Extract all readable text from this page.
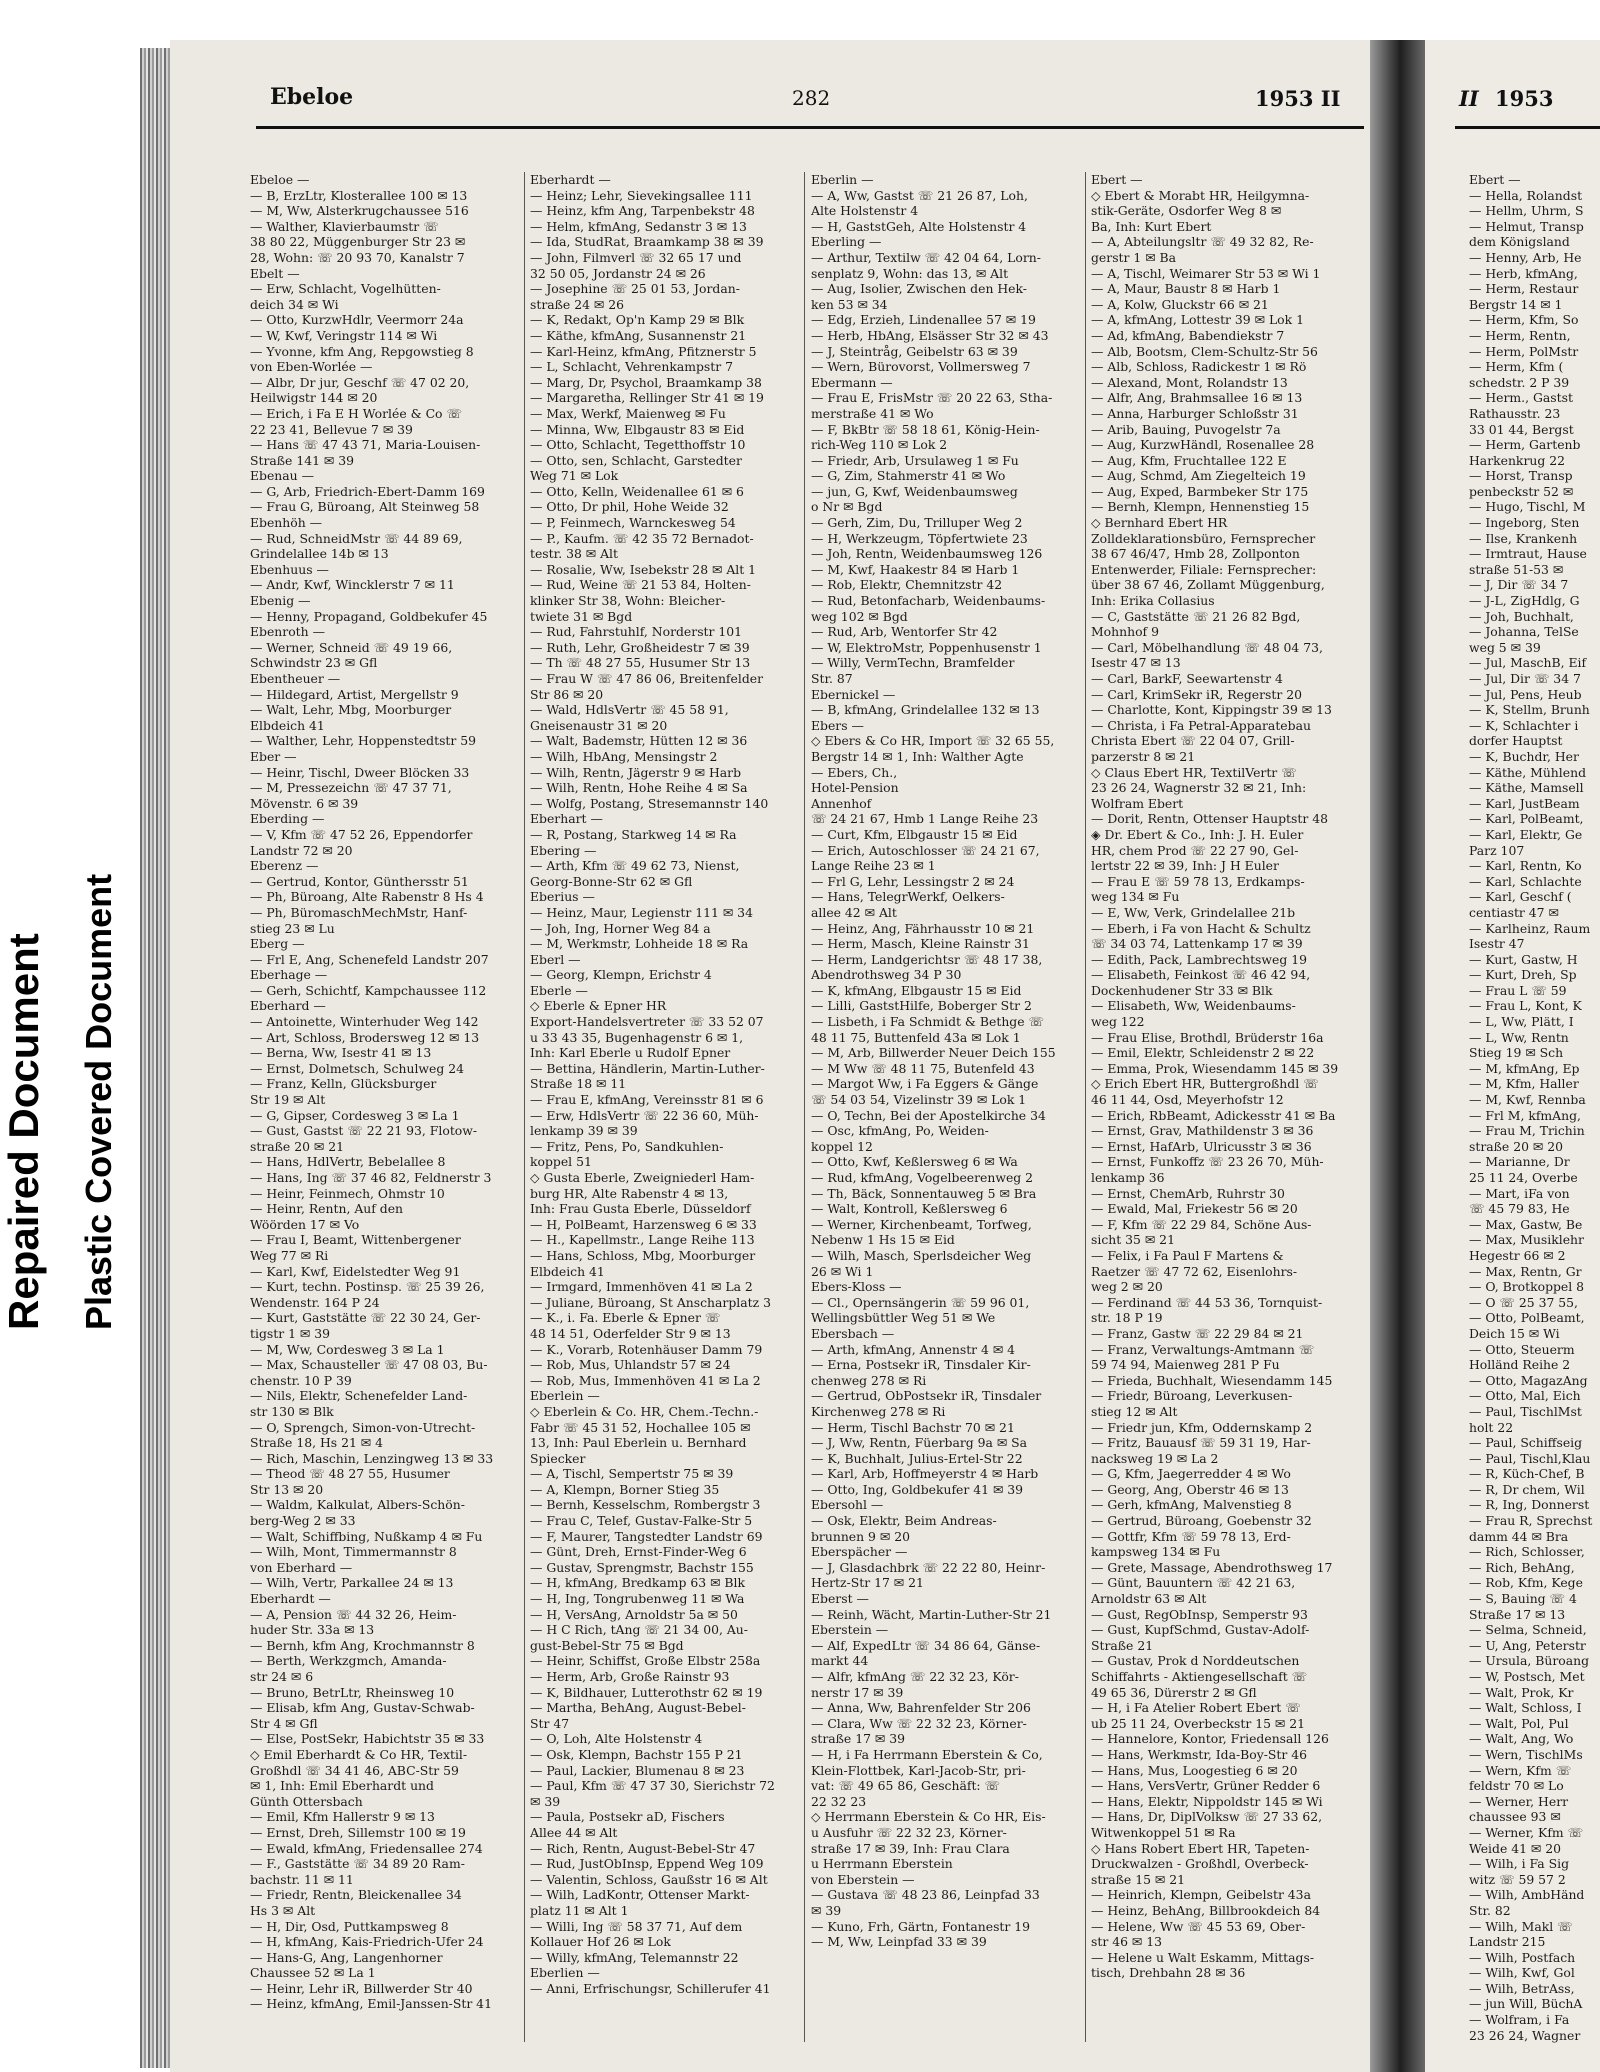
Repaired Document Plastic Covered Document
Ebeloe	282	1953 II
Ebeloe —
— B, ErzLtr, Klosterallee 100 ✉ 13
— M, Ww, Alsterkrugchaussee 516
— Walther, Klavierbaumstr ☏
38 80 22, Müggenburger Str 23 ✉
28, Wohn: ☏ 20 93 70, Kanalstr 7
Ebelt —
— Erw, Schlacht, Vogelhütten-
deich 34 ✉ Wi
— Otto, KurzwHdlr, Veermorr 24a
— W, Kwf, Veringstr 114 ✉ Wi
— Yvonne, kfm Ang, Repgowstieg 8
von Eben-Worlée —
— Albr, Dr jur, Geschf ☏ 47 02 20,
Heilwigstr 144 ✉ 20
— Erich, i Fa E H Worlée & Co ☏
22 23 41, Bellevue 7 ✉ 39
— Hans ☏ 47 43 71, Maria-Louisen-
Straße 141 ✉ 39
Ebenau —
— G, Arb, Friedrich-Ebert-Damm 169
— Frau G, Büroang, Alt Steinweg 58
Ebenhöh —
— Rud, SchneidMstr ☏ 44 89 69,
Grindelallee 14b ✉ 13
Ebenhuus —
— Andr, Kwf, Wincklerstr 7 ✉ 11
Ebenig —
— Henny, Propagand, Goldbekufer 45
Ebenroth —
— Werner, Schneid ☏ 49 19 66,
Schwindstr 23 ✉ Gfl
Ebentheuer —
— Hildegard, Artist, Mergellstr 9
— Walt, Lehr, Mbg, Moorburger
Elbdeich 41
— Walther, Lehr, Hoppenstedtstr 59
Eber —
— Heinr, Tischl, Dweer Blöcken 33
— M, Pressezeichn ☏ 47 37 71,
Mövenstr. 6 ✉ 39
Eberding —
— V, Kfm ☏ 47 52 26, Eppendorfer
Landstr 72 ✉ 20
Eberenz —
— Gertrud, Kontor, Günthersstr 51
— Ph, Büroang, Alte Rabenstr 8 Hs 4
— Ph, BüromaschMechMstr, Hanf-
stieg 23 ✉ Lu
Eberg —
— Frl E, Ang, Schenefeld Landstr 207
Eberhage —
— Gerh, Schichtf, Kampchaussee 112
Eberhard —
— Antoinette, Winterhuder Weg 142
— Art, Schloss, Brodersweg 12 ✉ 13
— Berna, Ww, Isestr 41 ✉ 13
— Ernst, Dolmetsch, Schulweg 24
— Franz, Kelln, Glücksburger
Str 19 ✉ Alt
— G, Gipser, Cordesweg 3 ✉ La 1
— Gust, Gastst ☏ 22 21 93, Flotow-
straße 20 ✉ 21
— Hans, HdlVertr, Bebelallee 8
— Hans, Ing ☏ 37 46 82, Feldnerstr 3
— Heinr, Feinmech, Ohmstr 10
— Heinr, Rentn, Auf den
Wöörden 17 ✉ Vo
— Frau I, Beamt, Wittenbergener
Weg 77 ✉ Ri
— Karl, Kwf, Eidelstedter Weg 91
— Kurt, techn. Postinsp. ☏ 25 39 26,
Wendenstr. 164 P 24
— Kurt, Gaststätte ☏ 22 30 24, Ger-
tigstr 1 ✉ 39
— M, Ww, Cordesweg 3 ✉ La 1
— Max, Schausteller ☏ 47 08 03, Bu-
chenstr. 10 P 39
— Nils, Elektr, Schenefelder Land-
str 130 ✉ Blk
— O, Sprengch, Simon-von-Utrecht-
Straße 18, Hs 21 ✉ 4
— Rich, Maschin, Lenzingweg 13 ✉ 33
— Theod ☏ 48 27 55, Husumer
Str 13 ✉ 20
— Waldm, Kalkulat, Albers-Schön-
berg-Weg 2 ✉ 33
— Walt, Schiffbing, Nußkamp 4 ✉ Fu
— Wilh, Mont, Timmermannstr 8
von Eberhard —
— Wilh, Vertr, Parkallee 24 ✉ 13
Eberhardt —
— A, Pension ☏ 44 32 26, Heim-
huder Str. 33a ✉ 13
— Bernh, kfm Ang, Krochmannstr 8
— Berth, Werkzgmch, Amanda-
str 24 ✉ 6
— Bruno, BetrLtr, Rheinsweg 10
— Elisab, kfm Ang, Gustav-Schwab-
Str 4 ✉ Gfl
— Else, PostSekr, Habichtstr 35 ✉ 33
◇ Emil Eberhardt & Co HR, Textil-
Großhdl ☏ 34 41 46, ABC-Str 59
✉ 1, Inh: Emil Eberhardt und
Günth Ottersbach
— Emil, Kfm Hallerstr 9 ✉ 13
— Ernst, Dreh, Sillemstr 100 ✉ 19
— Ewald, kfmAng, Friedensallee 274
— F., Gaststätte ☏ 34 89 20 Ram-
bachstr. 11 ✉ 11
— Friedr, Rentn, Bleickenallee 34
Hs 3 ✉ Alt
— H, Dir, Osd, Puttkampsweg 8
— H, kfmAng, Kais-Friedrich-Ufer 24
— Hans-G, Ang, Langenhorner
Chaussee 52 ✉ La 1
— Heinr, Lehr iR, Billwerder Str 40
— Heinz, kfmAng, Emil-Janssen-Str 41
Eberhardt —
— Heinz; Lehr, Sievekingsallee 111
— Heinz, kfm Ang, Tarpenbekstr 48
— Helm, kfmAng, Sedanstr 3 ✉ 13
— Ida, StudRat, Braamkamp 38 ✉ 39
— John, Filmverl ☏ 32 65 17 und
32 50 05, Jordanstr 24 ✉ 26
— Josephine ☏ 25 01 53, Jordan-
straße 24 ✉ 26
— K, Redakt, Op'n Kamp 29 ✉ Blk
— Käthe, kfmAng, Susannenstr 21
— Karl-Heinz, kfmAng, Pfitznerstr 5
— L, Schlacht, Vehrenkampstr 7
— Marg, Dr, Psychol, Braamkamp 38
— Margaretha, Rellinger Str 41 ✉ 19
— Max, Werkf, Maienweg ✉ Fu
— Minna, Ww, Elbgaustr 83 ✉ Eid
— Otto, Schlacht, Tegetthoffstr 10
— Otto, sen, Schlacht, Garstedter
Weg 71 ✉ Lok
— Otto, Kelln, Weidenallee 61 ✉ 6
— Otto, Dr phil, Hohe Weide 32
— P, Feinmech, Warnckesweg 54
— P., Kaufm. ☏ 42 35 72 Bernadot-
testr. 38 ✉ Alt
— Rosalie, Ww, Isebekstr 28 ✉ Alt 1
— Rud, Weine ☏ 21 53 84, Holten-
klinker Str 38, Wohn: Bleicher-
twiete 31 ✉ Bgd
— Rud, Fahrstuhlf, Norderstr 101
— Ruth, Lehr, Großheidestr 7 ✉ 39
— Th ☏ 48 27 55, Husumer Str 13
— Frau W ☏ 47 86 06, Breitenfelder
Str 86 ✉ 20
— Wald, HdlsVertr ☏ 45 58 91,
Gneisenaustr 31 ✉ 20
— Walt, Bademstr, Hütten 12 ✉ 36
— Wilh, HbAng, Mensingstr 2
— Wilh, Rentn, Jägerstr 9 ✉ Harb
— Wilh, Rentn, Hohe Reihe 4 ✉ Sa
— Wolfg, Postang, Stresemannstr 140
Eberhart —
— R, Postang, Starkweg 14 ✉ Ra
Ebering —
— Arth, Kfm ☏ 49 62 73, Nienst,
Georg-Bonne-Str 62 ✉ Gfl
Eberius —
— Heinz, Maur, Legienstr 111 ✉ 34
— Joh, Ing, Horner Weg 84 a
— M, Werkmstr, Lohheide 18 ✉ Ra
Eberl —
— Georg, Klempn, Erichstr 4
Eberle —
◇ Eberle & Epner HR
Export-Handelsvertreter ☏ 33 52 07
u 33 43 35, Bugenhagenstr 6 ✉ 1,
Inh: Karl Eberle u Rudolf Epner
— Bettina, Händlerin, Martin-Luther-
Straße 18 ✉ 11
— Frau E, kfmAng, Vereinsstr 81 ✉ 6
— Erw, HdlsVertr ☏ 22 36 60, Müh-
lenkamp 39 ✉ 39
— Fritz, Pens, Po, Sandkuhlen-
koppel 51
◇ Gusta Eberle, Zweigniederl Ham-
burg HR, Alte Rabenstr 4 ✉ 13,
Inh: Frau Gusta Eberle, Düsseldorf
— H, PolBeamt, Harzensweg 6 ✉ 33
— H., Kapellmstr., Lange Reihe 113
— Hans, Schloss, Mbg, Moorburger
Elbdeich 41
— Irmgard, Immenhöven 41 ✉ La 2
— Juliane, Büroang, St Anscharplatz 3
— K., i. Fa. Eberle & Epner ☏
48 14 51, Oderfelder Str 9 ✉ 13
— K., Vorarb, Rotenhäuser Damm 79
— Rob, Mus, Uhlandstr 57 ✉ 24
— Rob, Mus, Immenhöven 41 ✉ La 2
Eberlein —
◇ Eberlein & Co. HR, Chem.-Techn.-
Fabr ☏ 45 31 52, Hochallee 105 ✉
13, Inh: Paul Eberlein u. Bernhard
Spiecker
— A, Tischl, Sempertstr 75 ✉ 39
— A, Klempn, Borner Stieg 35
— Bernh, Kesselschm, Rombergstr 3
— Frau C, Telef, Gustav-Falke-Str 5
— F, Maurer, Tangstedter Landstr 69
— Günt, Dreh, Ernst-Finder-Weg 6
— Gustav, Sprengmstr, Bachstr 155
— H, kfmAng, Bredkamp 63 ✉ Blk
— H, Ing, Tongrubenweg 11 ✉ Wa
— H, VersAng, Arnoldstr 5a ✉ 50
— H C Rich, tAng ☏ 21 34 00, Au-
gust-Bebel-Str 75 ✉ Bgd
— Heinr, Schiffst, Große Elbstr 258a
— Herm, Arb, Große Rainstr 93
— K, Bildhauer, Lutterothstr 62 ✉ 19
— Martha, BehAng, August-Bebel-
Str 47
— O, Loh, Alte Holstenstr 4
— Osk, Klempn, Bachstr 155 P 21
— Paul, Lackier, Blumenau 8 ✉ 23
— Paul, Kfm ☏ 47 37 30, Sierichstr 72
✉ 39
— Paula, Postsekr aD, Fischers
Allee 44 ✉ Alt
— Rich, Rentn, August-Bebel-Str 47
— Rud, JustObInsp, Eppend Weg 109
— Valentin, Schloss, Gaußstr 16 ✉ Alt
— Wilh, LadKontr, Ottenser Markt-
platz 11 ✉ Alt 1
— Willi, Ing ☏ 58 37 71, Auf dem
Kollauer Hof 26 ✉ Lok
— Willy, kfmAng, Telemannstr 22
Eberlien —
— Anni, Erfrischungsr, Schillerufer 41
Eberlin —
— A, Ww, Gastst ☏ 21 26 87, Loh,
Alte Holstenstr 4
— H, GaststGeh, Alte Holstenstr 4
Eberling —
— Arthur, Textilw ☏ 42 04 64, Lorn-
senplatz 9, Wohn: das 13, ✉ Alt
— Aug, Isolier, Zwischen den Hek-
ken 53 ✉ 34
— Edg, Erzieh, Lindenallee 57 ✉ 19
— Herb, HbAng, Elsässer Str 32 ✉ 43
— J, Steintråg, Geibelstr 63 ✉ 39
— Wern, Bürovorst, Vollmersweg 7
Ebermann —
— Frau E, FrisMstr ☏ 20 22 63, Stha-
merstraße 41 ✉ Wo
— F, BkBtr ☏ 58 18 61, König-Hein-
rich-Weg 110 ✉ Lok 2
— Friedr, Arb, Ursulaweg 1 ✉ Fu
— G, Zim, Stahmerstr 41 ✉ Wo
— jun, G, Kwf, Weidenbaumsweg
o Nr ✉ Bgd
— Gerh, Zim, Du, Trilluper Weg 2
— H, Werkzeugm, Töpfertwiete 23
— Joh, Rentn, Weidenbaumsweg 126
— M, Kwf, Haakestr 84 ✉ Harb 1
— Rob, Elektr, Chemnitzstr 42
— Rud, Betonfacharb, Weidenbaums-
weg 102 ✉ Bgd
— Rud, Arb, Wentorfer Str 42
— W, ElektroMstr, Poppenhusenstr 1
— Willy, VermTechn, Bramfelder
Str. 87
Ebernickel —
— B, kfmAng, Grindelallee 132 ✉ 13
Ebers —
◇ Ebers & Co HR, Import ☏ 32 65 55,
Bergstr 14 ✉ 1, Inh: Walther Agte
— Ebers, Ch.,
Hotel-Pension
Annenhof
☏ 24 21 67, Hmb 1 Lange Reihe 23
— Curt, Kfm, Elbgaustr 15 ✉ Eid
— Erich, Autoschlosser ☏ 24 21 67,
Lange Reihe 23 ✉ 1
— Frl G, Lehr, Lessingstr 2 ✉ 24
— Hans, TelegrWerkf, Oelkers-
allee 42 ✉ Alt
— Heinz, Ang, Fährhausstr 10 ✉ 21
— Herm, Masch, Kleine Rainstr 31
— Herm, Landgerichtsr ☏ 48 17 38,
Abendrothsweg 34 P 30
— K, kfmAng, Elbgaustr 15 ✉ Eid
— Lilli, GaststHilfe, Boberger Str 2
— Lisbeth, i Fa Schmidt & Bethge ☏
48 11 75, Buttenfeld 43a ✉ Lok 1
— M, Arb, Billwerder Neuer Deich 155
— M Ww ☏ 48 11 75, Butenfeld 43
— Margot Ww, i Fa Eggers & Gänge
☏ 54 03 54, Vizelinstr 39 ✉ Lok 1
— O, Techn, Bei der Apostelkirche 34
— Osc, kfmAng, Po, Weiden-
koppel 12
— Otto, Kwf, Keßlersweg 6 ✉ Wa
— Rud, kfmAng, Vogelbeerenweg 2
— Th, Bäck, Sonnentauweg 5 ✉ Bra
— Walt, Kontroll, Keßlersweg 6
— Werner, Kirchenbeamt, Torfweg,
Nebenw 1 Hs 15 ✉ Eid
— Wilh, Masch, Sperlsdeicher Weg
26 ✉ Wi 1
Ebers-Kloss —
— Cl., Opernsängerin ☏ 59 96 01,
Wellingsbüttler Weg 51 ✉ We
Ebersbach —
— Arth, kfmAng, Annenstr 4 ✉ 4
— Erna, Postsekr iR, Tinsdaler Kir-
chenweg 278 ✉ Ri
— Gertrud, ObPostsekr iR, Tinsdaler
Kirchenweg 278 ✉ Ri
— Herm, Tischl Bachstr 70 ✉ 21
— J, Ww, Rentn, Füerbarg 9a ✉ Sa
— K, Buchhalt, Julius-Ertel-Str 22
— Karl, Arb, Hoffmeyerstr 4 ✉ Harb
— Otto, Ing, Goldbekufer 41 ✉ 39
Ebersohl —
— Osk, Elektr, Beim Andreas-
brunnen 9 ✉ 20
Eberspächer —
— J, Glasdachbrk ☏ 22 22 80, Heinr-
Hertz-Str 17 ✉ 21
Eberst —
— Reinh, Wächt, Martin-Luther-Str 21
Eberstein —
— Alf, ExpedLtr ☏ 34 86 64, Gänse-
markt 44
— Alfr, kfmAng ☏ 22 32 23, Kör-
nerstr 17 ✉ 39
— Anna, Ww, Bahrenfelder Str 206
— Clara, Ww ☏ 22 32 23, Körner-
straße 17 ✉ 39
— H, i Fa Herrmann Eberstein & Co,
Klein-Flottbek, Karl-Jacob-Str, pri-
vat: ☏ 49 65 86, Geschäft: ☏
22 32 23
◇ Herrmann Eberstein & Co HR, Eis-
u Ausfuhr ☏ 22 32 23, Körner-
straße 17 ✉ 39, Inh: Frau Clara
u Herrmann Eberstein
von Eberstein —
— Gustava ☏ 48 23 86, Leinpfad 33
✉ 39
— Kuno, Frh, Gärtn, Fontanestr 19
— M, Ww, Leinpfad 33 ✉ 39
Ebert —
◇ Ebert & Morabt HR, Heilgymna-
stik-Geräte, Osdorfer Weg 8 ✉
Ba, Inh: Kurt Ebert
— A, Abteilungsltr ☏ 49 32 82, Re-
gerstr 1 ✉ Ba
— A, Tischl, Weimarer Str 53 ✉ Wi 1
— A, Maur, Baustr 8 ✉ Harb 1
— A, Kolw, Gluckstr 66 ✉ 21
— A, kfmAng, Lottestr 39 ✉ Lok 1
— Ad, kfmAng, Babendiekstr 7
— Alb, Bootsm, Clem-Schultz-Str 56
— Alb, Schloss, Radickestr 1 ✉ Rö
— Alexand, Mont, Rolandstr 13
— Alfr, Ang, Brahmsallee 16 ✉ 13
— Anna, Harburger Schloßstr 31
— Arib, Bauing, Puvogelstr 7a
— Aug, KurzwHändl, Rosenallee 28
— Aug, Kfm, Fruchtallee 122 E
— Aug, Schmd, Am Ziegelteich 19
— Aug, Exped, Barmbeker Str 175
— Bernh, Klempn, Hennenstieg 15
◇ Bernhard Ebert HR
Zolldeklarationsbüro, Fernsprecher
38 67 46/47, Hmb 28, Zollponton
Entenwerder, Filiale: Fernsprecher:
über 38 67 46, Zollamt Müggenburg,
Inh: Erika Collasius
— C, Gaststätte ☏ 21 26 82 Bgd,
Mohnhof 9
— Carl, Möbelhandlung ☏ 48 04 73,
Isestr 47 ✉ 13
— Carl, BarkF, Seewartenstr 4
— Carl, KrimSekr iR, Regerstr 20
— Charlotte, Kont, Kippingstr 39 ✉ 13
— Christa, i Fa Petral-Apparatebau
Christa Ebert ☏ 22 04 07, Grill-
parzerstr 8 ✉ 21
◇ Claus Ebert HR, TextilVertr ☏
23 26 24, Wagnerstr 32 ✉ 21, Inh:
Wolfram Ebert
— Dorit, Rentn, Ottenser Hauptstr 48
◈ Dr. Ebert & Co., Inh: J. H. Euler
HR, chem Prod ☏ 22 27 90, Gel-
lertstr 22 ✉ 39, Inh: J H Euler
— Frau E ☏ 59 78 13, Erdkamps-
weg 134 ✉ Fu
— E, Ww, Verk, Grindelallee 21b
— Eberh, i Fa von Hacht & Schultz
☏ 34 03 74, Lattenkamp 17 ✉ 39
— Edith, Pack, Lambrechtsweg 19
— Elisabeth, Feinkost ☏ 46 42 94,
Dockenhudener Str 33 ✉ Blk
— Elisabeth, Ww, Weidenbaums-
weg 122
— Frau Elise, Brothdl, Brüderstr 16a
— Emil, Elektr, Schleidenstr 2 ✉ 22
— Emma, Prok, Wiesendamm 145 ✉ 39
◇ Erich Ebert HR, Buttergroßhdl ☏
46 11 44, Osd, Meyerhofstr 12
— Erich, RbBeamt, Adickesstr 41 ✉ Ba
— Ernst, Grav, Mathildenstr 3 ✉ 36
— Ernst, HafArb, Ulricusstr 3 ✉ 36
— Ernst, Funkoffz ☏ 23 26 70, Müh-
lenkamp 36
— Ernst, ChemArb, Ruhrstr 30
— Ewald, Mal, Friekestr 56 ✉ 20
— F, Kfm ☏ 22 29 84, Schöne Aus-
sicht 35 ✉ 21
— Felix, i Fa Paul F Martens &
Raetzer ☏ 47 72 62, Eisenlohrs-
weg 2 ✉ 20
— Ferdinand ☏ 44 53 36, Tornquist-
str. 18 P 19
— Franz, Gastw ☏ 22 29 84 ✉ 21
— Franz, Verwaltungs-Amtmann ☏
59 74 94, Maienweg 281 P Fu
— Frieda, Buchhalt, Wiesendamm 145
— Friedr, Büroang, Leverkusen-
stieg 12 ✉ Alt
— Friedr jun, Kfm, Oddernskamp 2
— Fritz, Bauausf ☏ 59 31 19, Har-
nacksweg 19 ✉ La 2
— G, Kfm, Jaegerredder 4 ✉ Wo
— Georg, Ang, Oberstr 46 ✉ 13
— Gerh, kfmAng, Malvenstieg 8
— Gertrud, Büroang, Goebenstr 32
— Gottfr, Kfm ☏ 59 78 13, Erd-
kampsweg 134 ✉ Fu
— Grete, Massage, Abendrothsweg 17
— Günt, Bauuntern ☏ 42 21 63,
Arnoldstr 63 ✉ Alt
— Gust, RegObInsp, Semperstr 93
— Gust, KupfSchmd, Gustav-Adolf-
Straße 21
— Gustav, Prok d Norddeutschen
Schiffahrts - Aktiengesellschaft ☏
49 65 36, Dürerstr 2 ✉ Gfl
— H, i Fa Atelier Robert Ebert ☏
ub 25 11 24, Overbeckstr 15 ✉ 21
— Hannelore, Kontor, Friedensall 126
— Hans, Werkmstr, Ida-Boy-Str 46
— Hans, Mus, Loogestieg 6 ✉ 20
— Hans, VersVertr, Grüner Redder 6
— Hans, Elektr, Nippoldstr 145 ✉ Wi
— Hans, Dr, DiplVolksw ☏ 27 33 62,
Witwenkoppel 51 ✉ Ra
◇ Hans Robert Ebert HR, Tapeten-
Druckwalzen - Großhdl, Overbeck-
straße 15 ✉ 21
— Heinrich, Klempn, Geibelstr 43a
— Heinz, BehAng, Billbrookdeich 84
— Helene, Ww ☏ 45 53 69, Ober-
str 46 ✉ 13
— Helene u Walt Eskamm, Mittags-
tisch, Drehbahn 28 ✉ 36
II 1953
Ebert —
— Hella, Rolandst
— Hellm, Uhrm, S
— Helmut, Transp
dem Königsland
— Henny, Arb, He
— Herb, kfmAng,
— Herm, Restaur
Bergstr 14 ✉ 1
— Herm, Kfm, So
— Herm, Rentn,
— Herm, PolMstr
— Herm, Kfm (
schedstr. 2 P 39
— Herm., Gastst
Rathausstr. 23
33 01 44, Bergst
— Herm, Gartenb
Harkenkrug 22
— Horst, Transp
penbeckstr 52 ✉
— Hugo, Tischl, M
— Ingeborg, Sten
— Ilse, Krankenh
— Irmtraut, Hause
straße 51-53 ✉
— J, Dir ☏ 34 7
— J-L, ZigHdlg, G
— Joh, Buchhalt,
— Johanna, TelSe
weg 5 ✉ 39
— Jul, MaschB, Eif
— Jul, Dir ☏ 34 7
— Jul, Pens, Heub
— K, Stellm, Brunh
— K, Schlachter i
dorfer Hauptst
— K, Buchdr, Her
— Käthe, Mühlend
— Käthe, Mamsell
— Karl, JustBeam
— Karl, PolBeamt,
— Karl, Elektr, Ge
Parz 107
— Karl, Rentn, Ko
— Karl, Schlachte
— Karl, Geschf (
centiastr 47 ✉
— Karlheinz, Raum
Isestr 47
— Kurt, Gastw, H
— Kurt, Dreh, Sp
— Frau L ☏ 59
— Frau L, Kont, K
— L, Ww, Plätt, I
— L, Ww, Rentn
Stieg 19 ✉ Sch
— M, kfmAng, Ep
— M, Kfm, Haller
— M, Kwf, Rennba
— Frl M, kfmAng,
— Frau M, Trichin
straße 20 ✉ 20
— Marianne, Dr
25 11 24, Overbe
— Mart, iFa von
☏ 45 79 83, He
— Max, Gastw, Be
— Max, Musiklehr
Hegestr 66 ✉ 2
— Max, Rentn, Gr
— O, Brotkoppel 8
— O ☏ 25 37 55,
— Otto, PolBeamt,
Deich 15 ✉ Wi
— Otto, Steuerm
Holländ Reihe 2
— Otto, MagazAng
— Otto, Mal, Eich
— Paul, TischlMst
holt 22
— Paul, Schiffseig
— Paul, Tischl,Klau
— R, Küch-Chef, B
— R, Dr chem, Wil
— R, Ing, Donnerst
— Frau R, Sprechst
damm 44 ✉ Bra
— Rich, Schlosser,
— Rich, BehAng,
— Rob, Kfm, Kege
— S, Bauing ☏ 4
Straße 17 ✉ 13
— Selma, Schneid,
— U, Ang, Peterstr
— Ursula, Büroang
— W, Postsch, Met
— Walt, Prok, Kr
— Walt, Schloss, I
— Walt, Pol, Pul
— Walt, Ang, Wo
— Wern, TischlMs
— Wern, Kfm ☏
feldstr 70 ✉ Lo
— Werner, Herr
chaussee 93 ✉
— Werner, Kfm ☏
Weide 41 ✉ 20
— Wilh, i Fa Sig
witz ☏ 59 57 2
— Wilh, AmbHänd
Str. 82
— Wilh, Makl ☏
Landstr 215
— Wilh, Postfach
— Wilh, Kwf, Gol
— Wilh, BetrAss,
— jun Will, BüchA
— Wolfram, i Fa
23 26 24, Wagner
